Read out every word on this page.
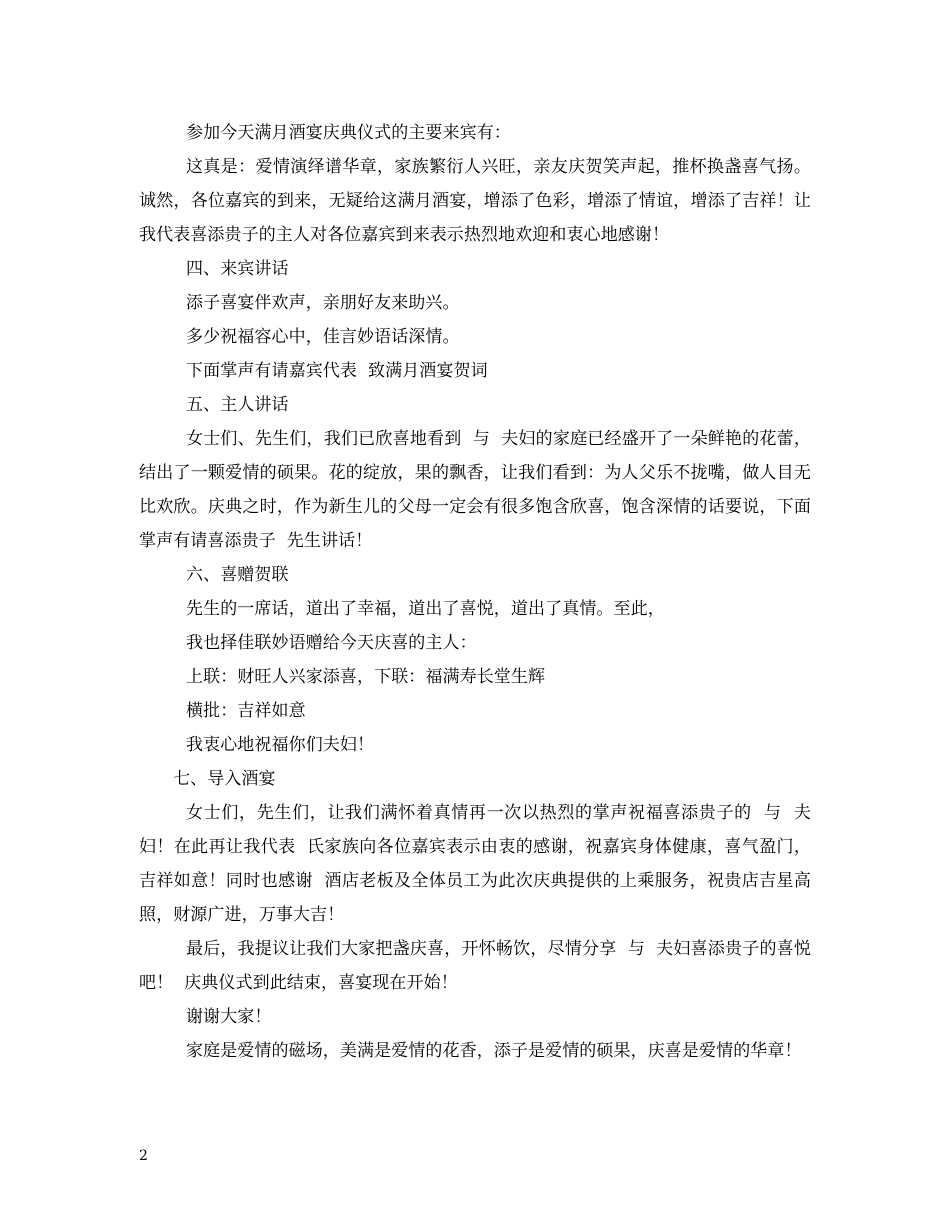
参加今天满月酒宴庆典仪式的主要来宾有：

这真是：爱情演绎谱华章，家族繁衍人兴旺，亲友庆贺笑声起，推杯换盏喜气扬。诚然，各位嘉宾的到来，无疑给这满月酒宴，增添了色彩，增添了情谊，增添了吉祥！让我代表喜添贵子的主人对各位嘉宾到来表示热烈地欢迎和衷心地感谢！

四、来宾讲话

添子喜宴伴欢声，亲朋好友来助兴。

多少祝福容心中，佳言妙语话深情。

下面掌声有请嘉宾代表  致满月酒宴贺词

五、主人讲话

女士们、先生们，我们已欣喜地看到  与  夫妇的家庭已经盛开了一朵鲜艳的花蕾，结出了一颗爱情的硕果。花的绽放，果的飘香，让我们看到：为人父乐不拢嘴，做人目无比欢欣。庆典之时，作为新生儿的父母一定会有很多饱含欣喜，饱含深情的话要说，下面掌声有请喜添贵子  先生讲话！

六、喜赠贺联

先生的一席话，道出了幸福，道出了喜悦，道出了真情。至此，

我也择佳联妙语赠给今天庆喜的主人：

上联：财旺人兴家添喜，下联：福满寿长堂生辉

横批：吉祥如意

我衷心地祝福你们夫妇！

七、导入酒宴

女士们，先生们，让我们满怀着真情再一次以热烈的掌声祝福喜添贵子的  与  夫妇！在此再让我代表  氏家族向各位嘉宾表示由衷的感谢，祝嘉宾身体健康，喜气盈门，吉祥如意！同时也感谢  酒店老板及全体员工为此次庆典提供的上乘服务，祝贵店吉星高照，财源广进，万事大吉！

最后，我提议让我们大家把盏庆喜，开怀畅饮，尽情分享  与  夫妇喜添贵子的喜悦吧！  庆典仪式到此结束，喜宴现在开始！

谢谢大家！

家庭是爱情的磁场，美满是爱情的花香，添子是爱情的硕果，庆喜是爱情的华章！

2
